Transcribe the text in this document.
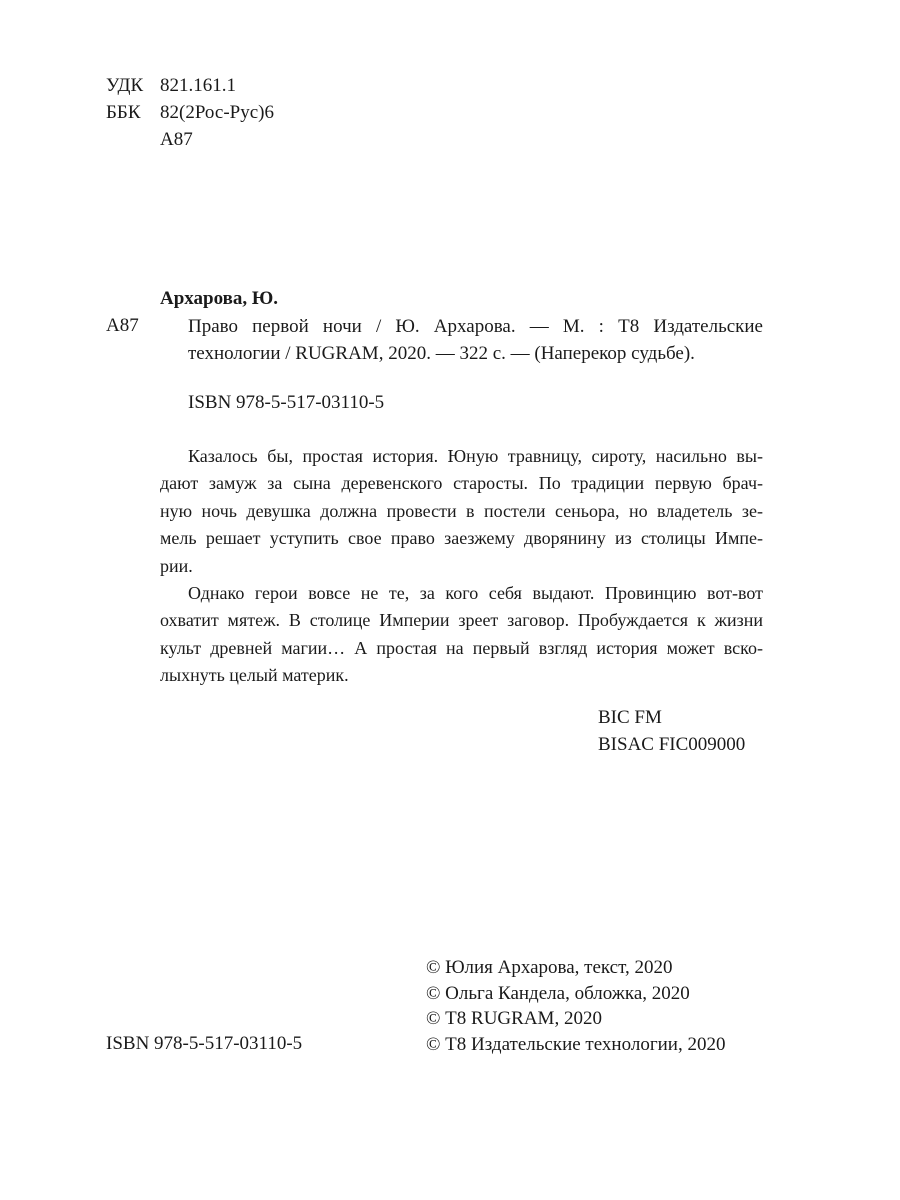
УДК 821.161.1
ББК 82(2Рос-Рус)6
А87
Архарова, Ю.
А87	Право первой ночи / Ю. Архарова. — М. : Т8 Издательские
технологии / RUGRAM, 2020. — 322 с. — (Наперекор судьбе).
ISBN 978-5-517-03110-5
Казалось бы, простая история. Юную травницу, сироту, насильно вы-
дают замуж за сына деревенского старосты. По традиции первую брач-
ную ночь девушка должна провести в постели сеньора, но владетель зе-
мель решает уступить свое право заезжему дворянину из столицы Импе-
рии.
Однако герои вовсе не те, за кого себя выдают. Провинцию вот-вот
охватит мятеж. В столице Империи зреет заговор. Пробуждается к жизни
культ древней магии… А простая на первый взгляд история может вско-
лыхнуть целый материк.
BIC FM
BISAC FIC009000
© Юлия Архарова, текст, 2020
© Ольга Кандела, обложка, 2020
© Т8 RUGRAM, 2020
© Т8 Издательские технологии, 2020
ISBN 978-5-517-03110-5
